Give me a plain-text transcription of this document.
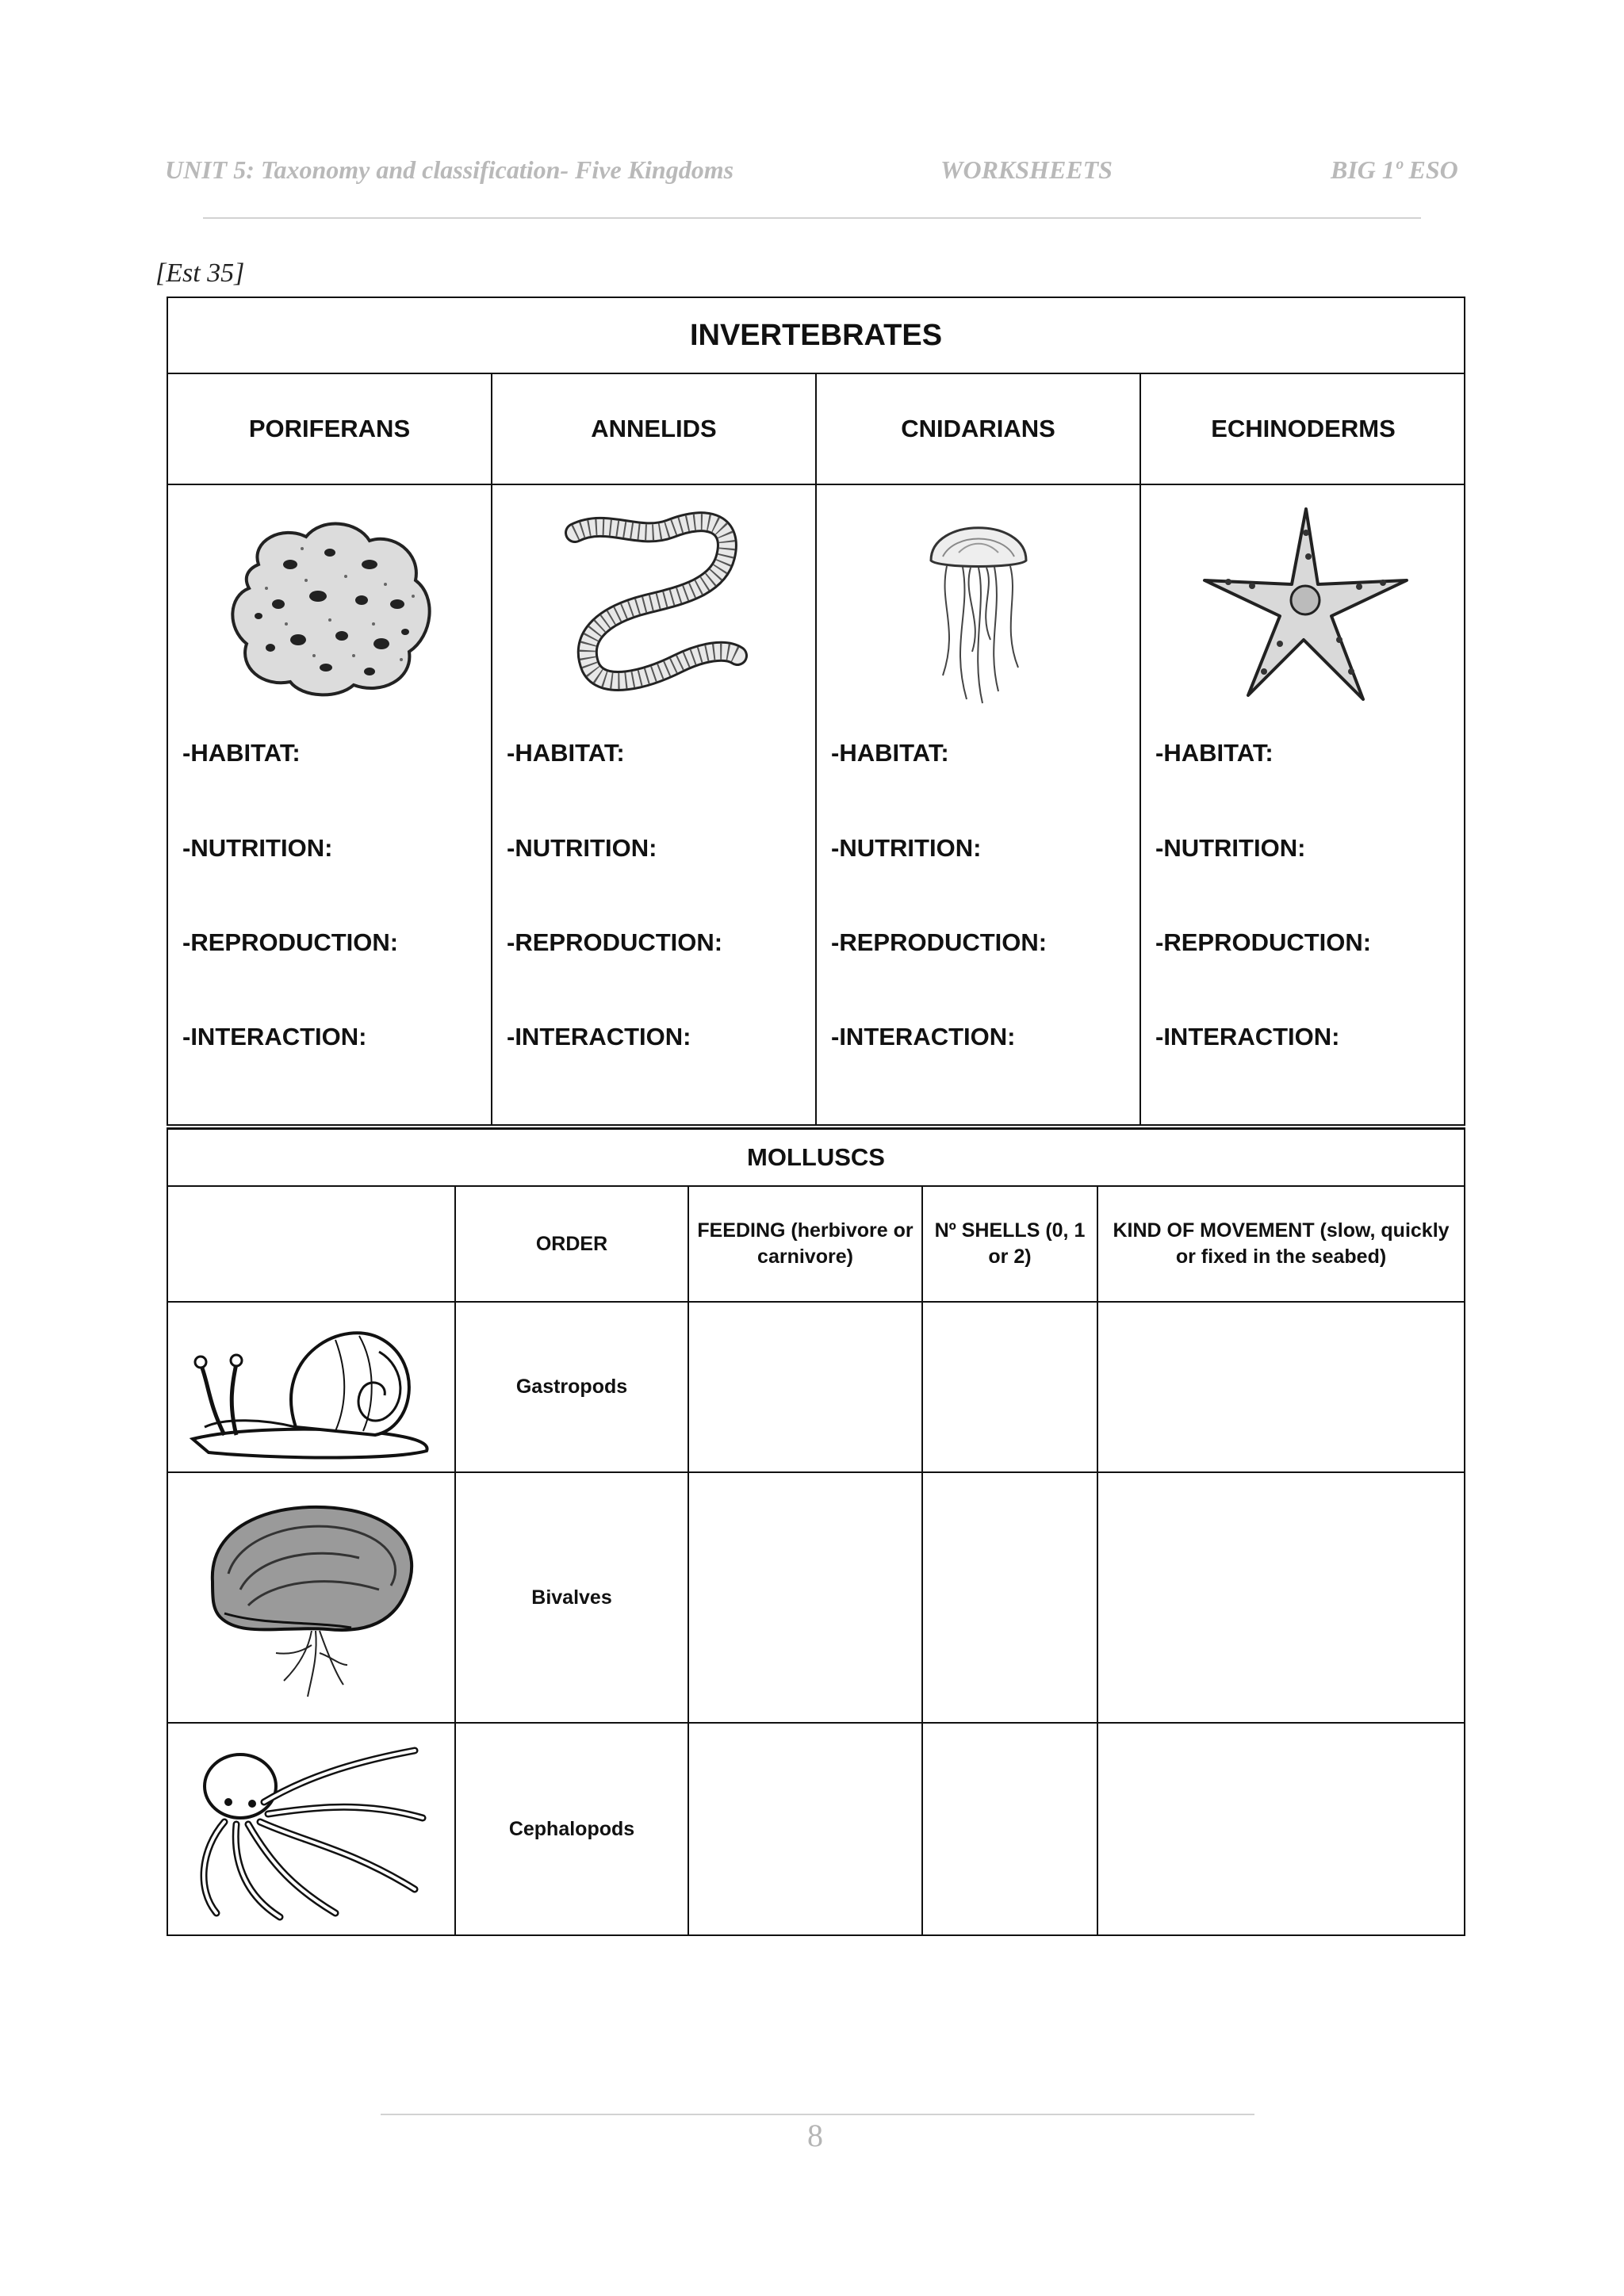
UNIT 5: Taxonomy and classification- Five Kingdoms	WORKSHEETS	BIG 1º ESO
[Est 35]
INVERTEBRATES
PORIFERANS
-HABITAT:
-NUTRITION:
-REPRODUCTION:
-INTERACTION:
ANNELIDS
-HABITAT:
-NUTRITION:
-REPRODUCTION:
-INTERACTION:
CNIDARIANS
-HABITAT:
-NUTRITION:
-REPRODUCTION:
-INTERACTION:
ECHINODERMS
-HABITAT:
-NUTRITION:
-REPRODUCTION:
-INTERACTION:
MOLLUSCS
ORDER
FEEDING (herbivore or carnivore)
Nº SHELLS (0, 1 or 2)
KIND OF MOVEMENT (slow, quickly or fixed in the seabed)
Gastropods
Bivalves
Cephalopods
8
